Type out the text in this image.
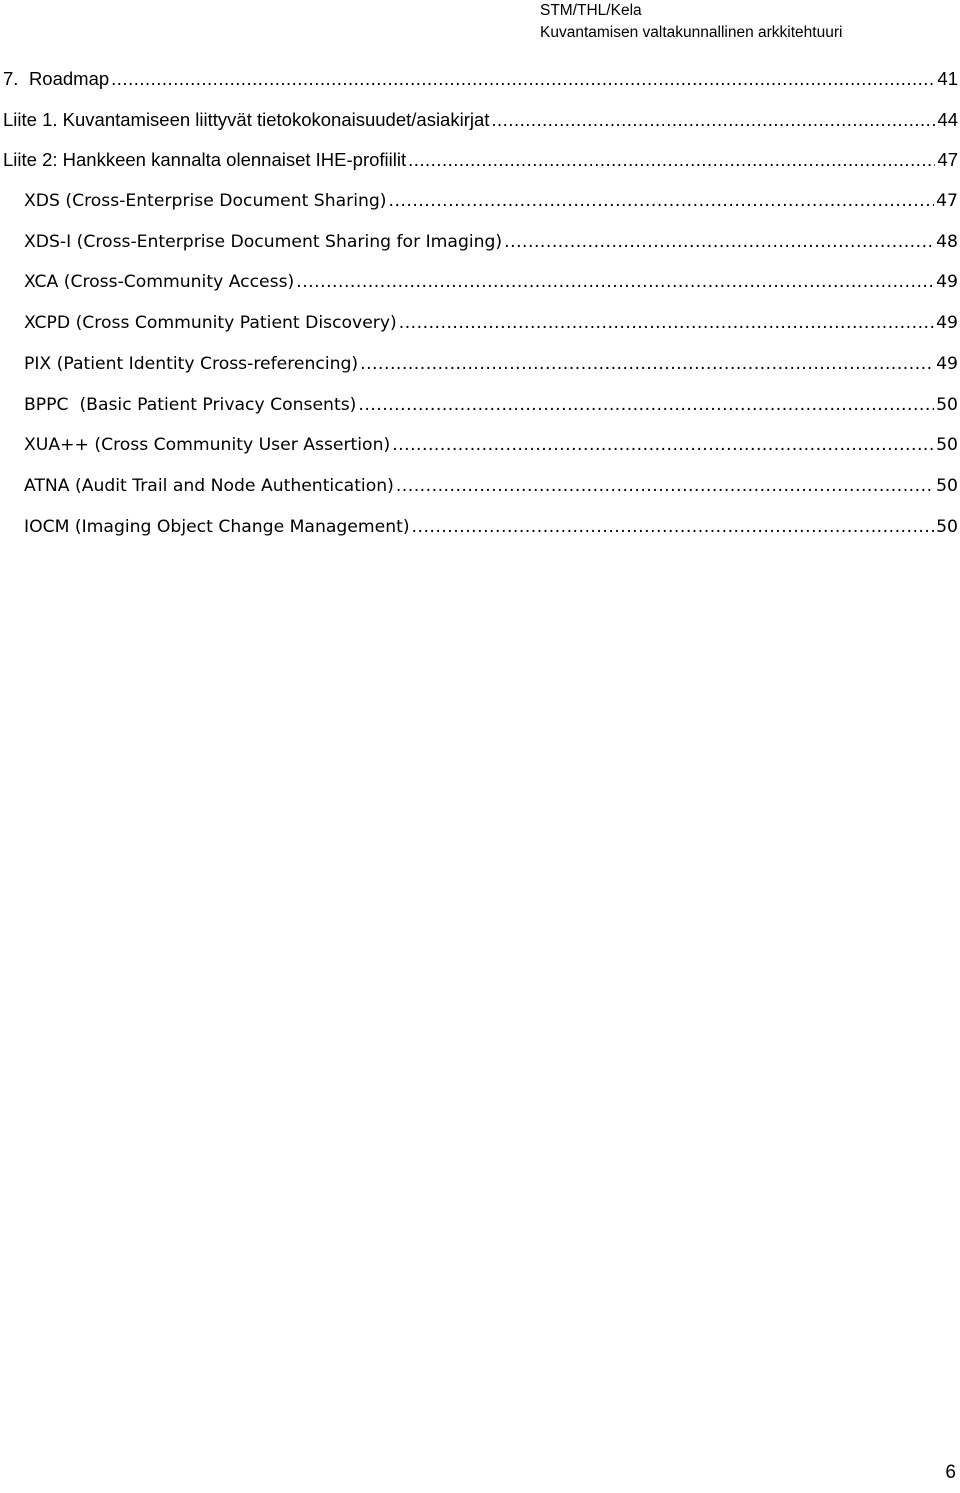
STM/THL/Kela
Kuvantamisen valtakunnallinen arkkitehtuuri
7. Roadmap .....	41
Liite 1. Kuvantamiseen liittyvät tietokokonaisuudet/asiakirjat .....	44
Liite 2: Hankkeen kannalta olennaiset IHE-profiilit .....	47
XDS (Cross-Enterprise Document Sharing) .....	47
XDS-I (Cross-Enterprise Document Sharing for Imaging) .....	48
XCA (Cross-Community Access) .....	49
XCPD (Cross Community Patient Discovery) .....	49
PIX (Patient Identity Cross-referencing) .....	49
BPPC  (Basic Patient Privacy Consents) .....	50
XUA++ (Cross Community User Assertion) .....	50
ATNA (Audit Trail and Node Authentication) .....	50
IOCM (Imaging Object Change Management) .....	50
6
